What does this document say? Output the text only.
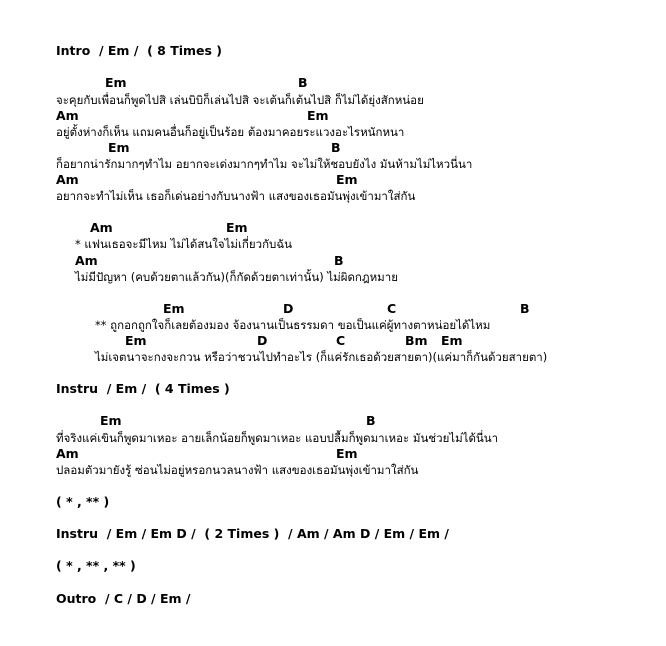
Intro  / Em /  ( 8 Times )
Em	B
จะคุยกับเพื่อนก็พูดไปสิ เล่นบิบิก็เล่นไปสิ จะเต้นก็เต้นไปสิ ก็ไม่ได้ยุ่งสักหน่อย
Am	Em
อยู่ตั้งห่างก็เห็น แถมคนอื่นก็อยู่เป็นร้อย ต้องมาคอยระแวงอะไรหนักหนา
Em	B
ก็อยากน่ารักมากๆทำไม อยากจะเด่งมากๆทำไม จะไม่ให้ชอบยังไง มันห้ามไม่ไหวนี่นา
Am	Em
อยากจะทำไม่เห็น เธอก็เด่นอย่างกับนางฟ้า แสงของเธอมันพุ่งเข้ามาใส่กัน
Am	Em
* แฟนเธอจะมีไหม ไม่ได้สนใจไม่เกี่ยวกับฉัน
Am	B
ไม่มีปัญหา (คบด้วยตาแล้วกัน)(ก็กัดด้วยตาเท่านั้น) ไม่ผิดกฎหมาย
Em	D	C	B
** ถูกอกถูกใจก็เลยต้องมอง จ้องนานเป็นธรรมดา ขอเป็นแค่ผู้ทางตาหน่อยได้ไหม
Em	D	C	Bm Em
ไม่เจตนาจะกงจะกวน หรือว่าชวนไปทำอะไร (ก็แค่รักเธอด้วยสายตา)(แค่มาก็กันด้วยสายตา)
Instru  / Em /  ( 4 Times )
Em	B
ที่จริงแค่เขินก็พูดมาเหอะ อายเล็กน้อยก็พูดมาเหอะ แอบปลื้มก็พูดมาเหอะ มันช่วยไม่ได้นี่นา
Am	Em
ปลอมตัวมายังรู้ ซ่อนไม่อยู่หรอกนวลนางฟ้า แสงของเธอมันพุ่งเข้ามาใส่กัน
( * , ** )
Instru  / Em / Em D /  ( 2 Times )  / Am / Am D / Em / Em /
( * , ** , ** )
Outro  / C / D / Em /
